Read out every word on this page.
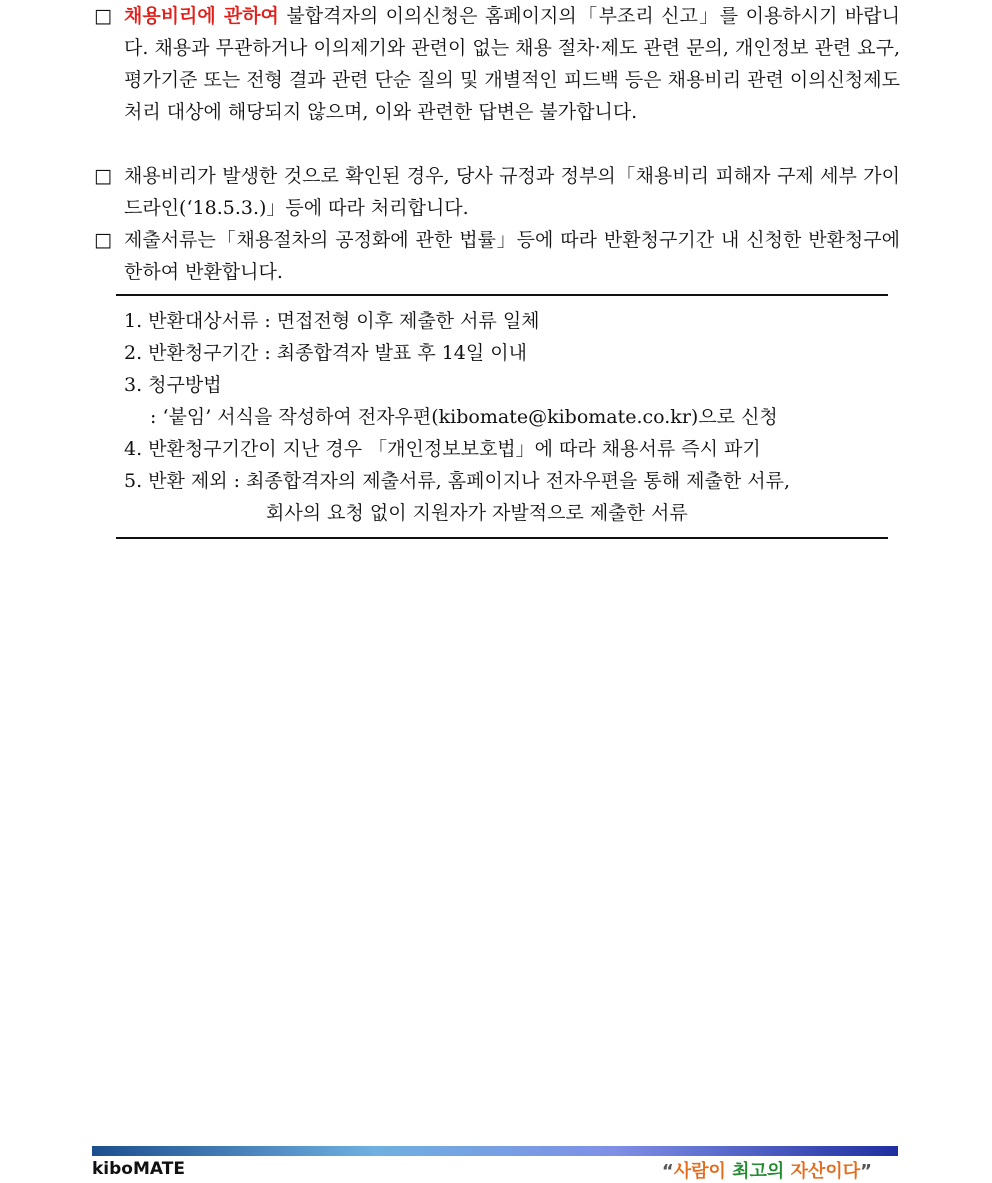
□ 채용비리에 관하여 불합격자의 이의신청은 홈페이지의「부조리 신고」를 이용하시기 바랍니다. 채용과 무관하거나 이의제기와 관련이 없는 채용 절차·제도 관련 문의, 개인정보 관련 요구, 평가기준 또는 전형 결과 관련 단순 질의 및 개별적인 피드백 등은 채용비리 관련 이의신청제도 처리 대상에 해당되지 않으며, 이와 관련한 답변은 불가합니다.
□ 채용비리가 발생한 것으로 확인된 경우, 당사 규정과 정부의「채용비리 피해자 구제 세부 가이드라인(‘18.5.3.)」등에 따라 처리합니다.
□ 제출서류는「채용절차의 공정화에 관한 법률」등에 따라 반환청구기간 내 신청한 반환청구에 한하여 반환합니다.
1. 반환대상서류 : 면접전형 이후 제출한 서류 일체
2. 반환청구기간 : 최종합격자 발표 후 14일 이내
3. 청구방법
: ‘붙임’ 서식을 작성하여 전자우편(kibomate@kibomate.co.kr)으로 신청
4. 반환청구기간이 지난 경우 「개인정보보호법」에 따라 채용서류 즉시 파기
5. 반환 제외 : 최종합격자의 제출서류, 홈페이지나 전자우편을 통해 제출한 서류,
회사의 요청 없이 지원자가 자발적으로 제출한 서류
kiboMATE	“사람이 최고의 자산이다”
